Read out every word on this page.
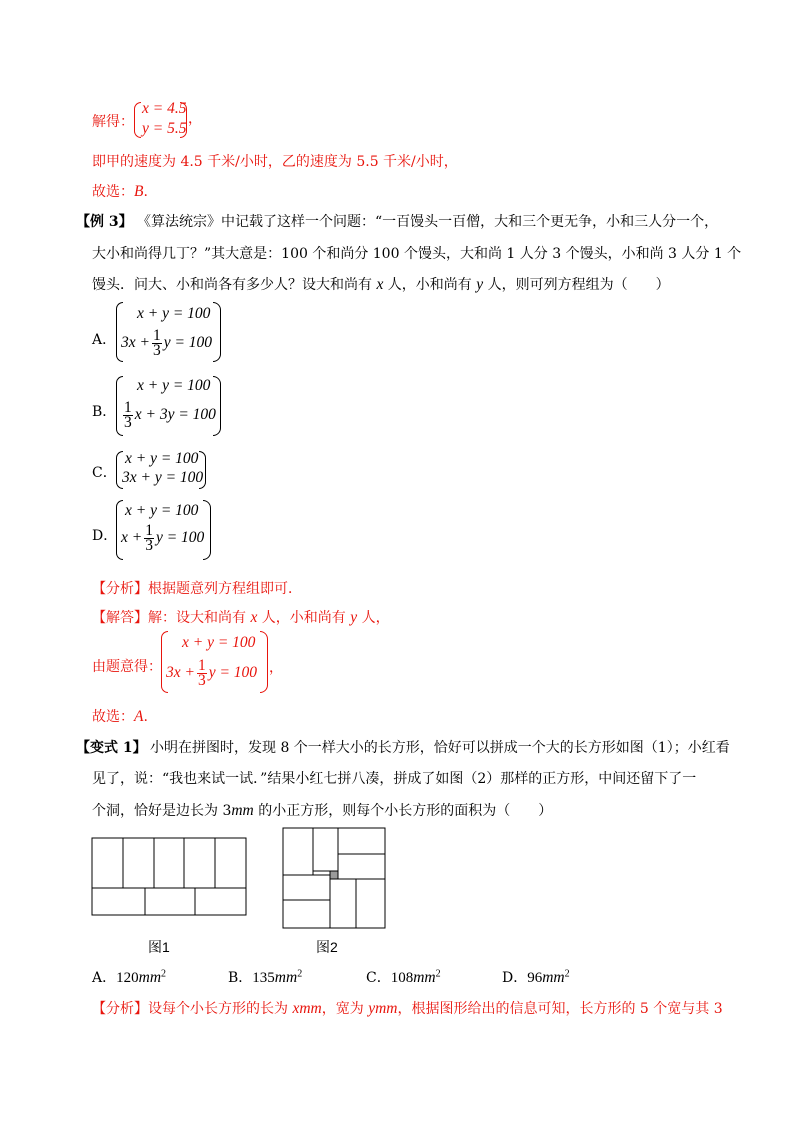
解得：
x = 4.5
y = 5.5
，
即甲的速度为 4.5 千米/小时，乙的速度为 5.5 千米/小时，
故选：B.
【例 3】 《算法统宗》中记载了这样一个问题：“一百馒头一百僧，大和三个更无争，小和三人分一个，
大小和尚得几丁？”其大意是：100 个和尚分 100 个馒头，大和尚 1 人分 3 个馒头，小和尚 3 人分 1 个
馒头．问大、小和尚各有多少人？设大和尚有 x 人，小和尚有 y 人，则可列方程组为（　　）
A．
x + y = 100
$3x + \frac{1}{3}$ y = 100
B．
x + y = 100
$\frac{1}{3}$ x + 3y = 100
C．
x + y = 100
3x + y = 100
D．
x + y = 100
$x + \frac{1}{3}$ y = 100
【分析】根据题意列方程组即可．
【解答】解：设大和尚有 x 人，小和尚有 y 人，
由题意得：
x + y = 100
$3x + \frac{1}{3}$ y = 100 ，
故选：A.
【变式 1】 小明在拼图时，发现 8 个一样大小的长方形，恰好可以拼成一个大的长方形如图（1）；小红看
见了，说：“我也来试一试．”结果小红七拼八凑，拼成了如图（2）那样的正方形，中间还留下了一
个洞，恰好是边长为 3mm 的小正方形，则每个小长方形的面积为（　　）
图1	图2
A．$120mm^2$	B．$135mm^2$	C．$108mm^2$	D．$96mm^2$
【分析】设每个小长方形的长为 xmm，宽为 ymm，根据图形给出的信息可知，长方形的 5 个宽与其 3
